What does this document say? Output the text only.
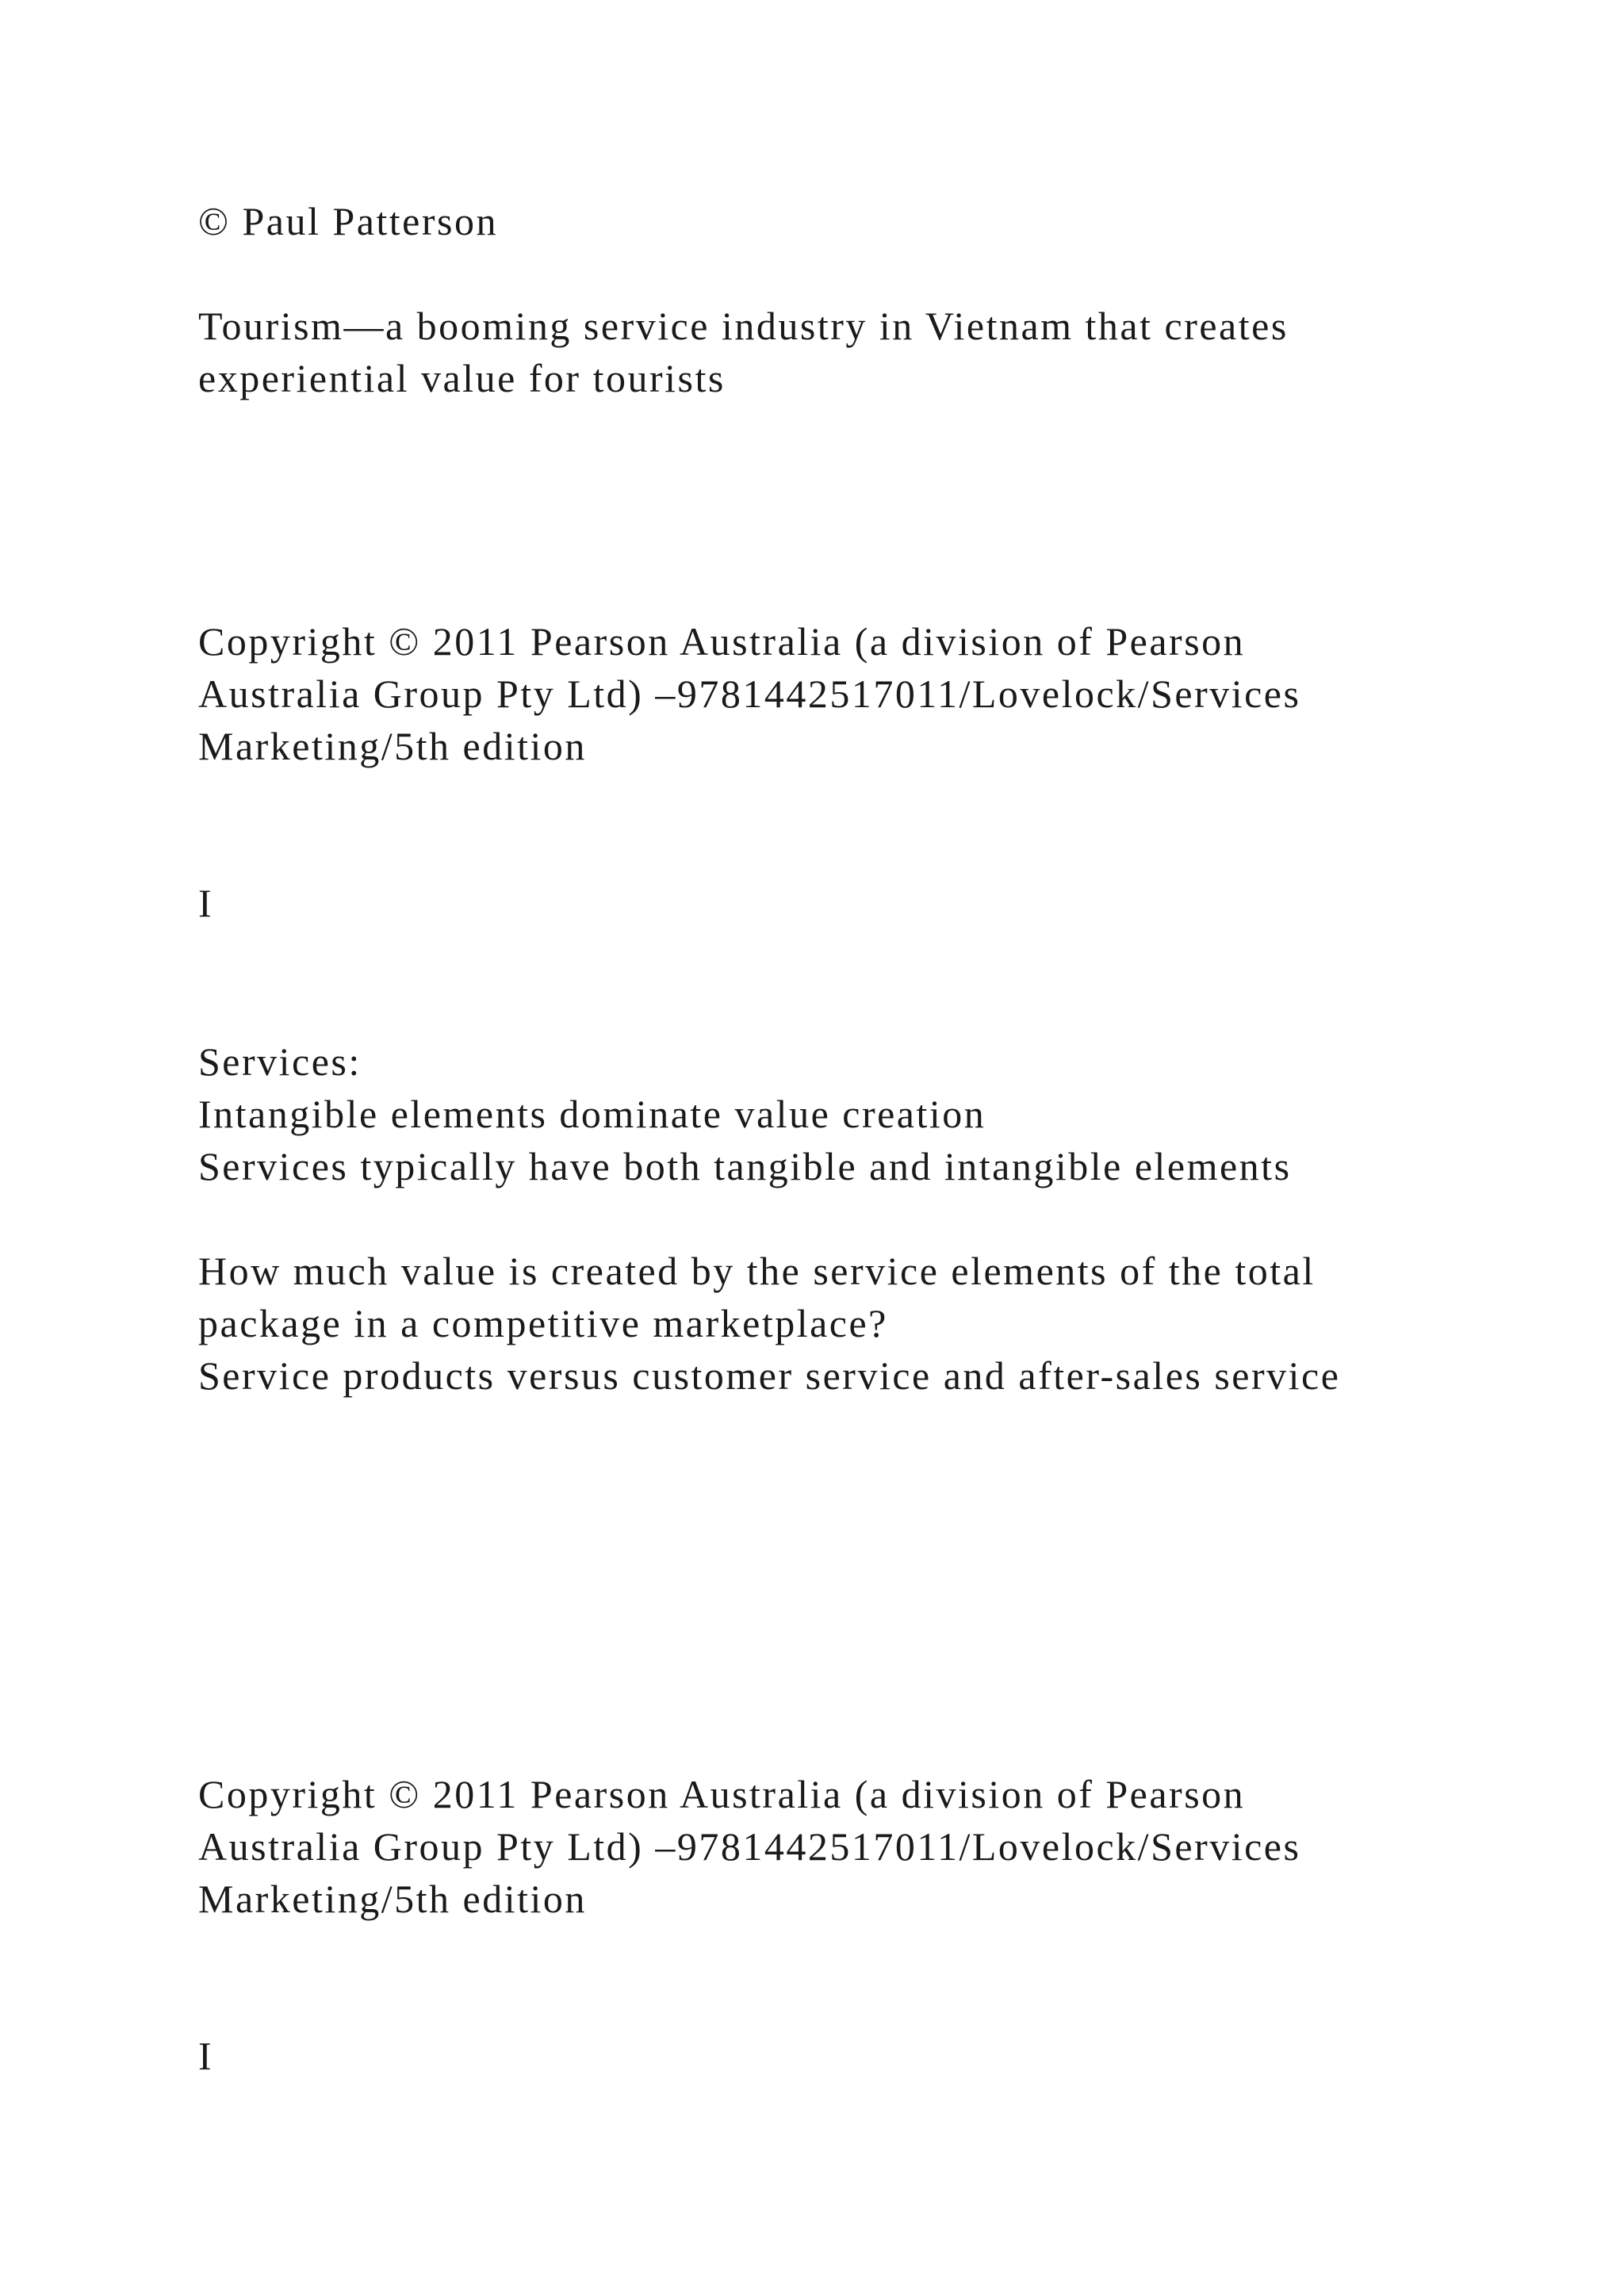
© Paul Patterson

Tourism—a booming service industry in Vietnam that creates

experiential value for tourists

Copyright © 2011 Pearson Australia (a division of Pearson

Australia Group Pty Ltd) –9781442517011/Lovelock/Services

Marketing/5th edition

I

Services:

Intangible elements dominate value creation

Services typically have both tangible and intangible elements

How much value is created by the service elements of the total

package in a competitive marketplace?

Service products versus customer service and after-sales service

Copyright © 2011 Pearson Australia (a division of Pearson

Australia Group Pty Ltd) –9781442517011/Lovelock/Services

Marketing/5th edition

I
